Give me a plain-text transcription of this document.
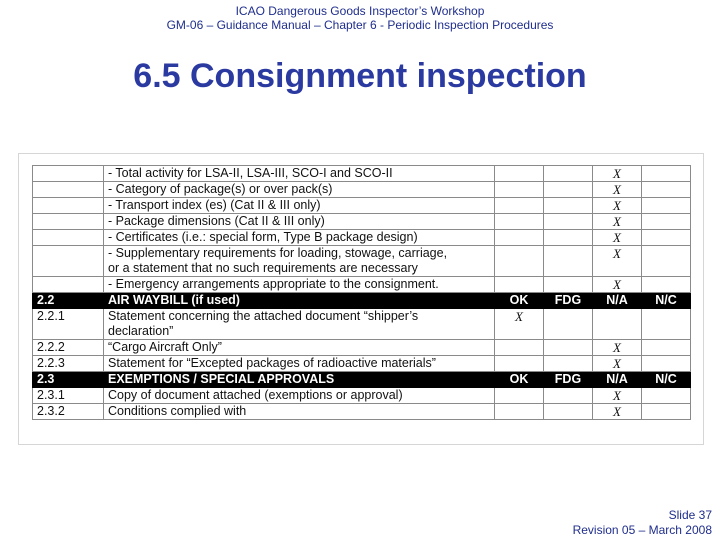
ICAO Dangerous Goods Inspector’s Workshop
GM-06 – Guidance Manual – Chapter 6 - Periodic Inspection Procedures
6.5 Consignment inspection

	- Total activity for LSA-II, LSA-III, SCO-I and SCO-II			X	

	- Category of package(s) or over pack(s)			X	

	- Transport index (es) (Cat II & III only)			X	

	- Package dimensions (Cat II & III only)			X	

	- Certificates (i.e.: special form, Type B package design)			X	

	- Supplementary requirements for loading, stowage, carriage,
or a statement that no such requirements are necessary			X	

	- Emergency arrangements appropriate to the consignment.			X	
2.2	AIR WAYBILL (if used)	OK	FDG	N/A	N/C
2.2.1	Statement concerning the attached document “shipper’s
declaration”	X			
2.2.2	“Cargo Aircraft Only”			X	
2.2.3	Statement for “Excepted packages of radioactive materials”			X	
2.3	EXEMPTIONS / SPECIAL APPROVALS	OK	FDG	N/A	N/C
2.3.1	Copy of document attached (exemptions or approval)			X	
2.3.2	Conditions complied with			X	
Slide 37
Revision 05 – March 2008
